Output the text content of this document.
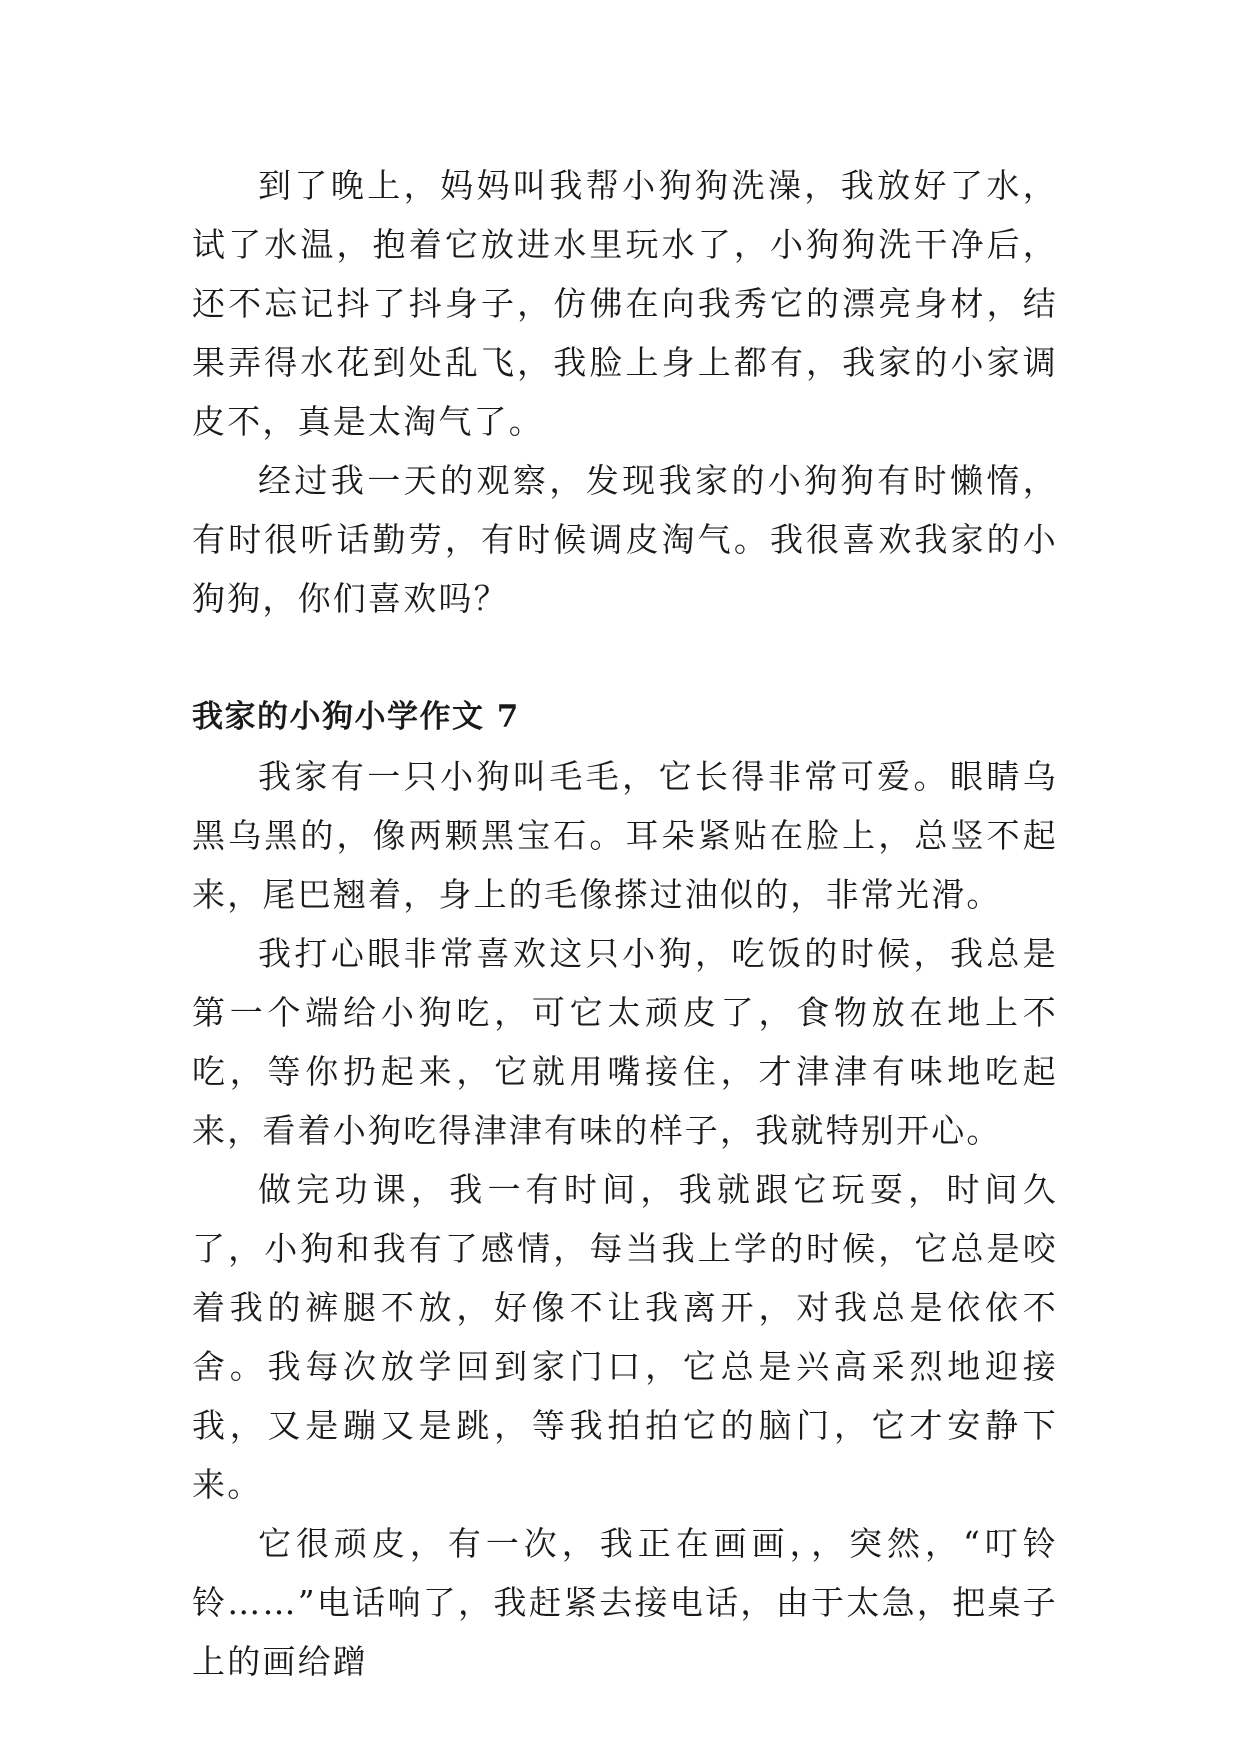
到了晚上，妈妈叫我帮小狗狗洗澡，我放好了水，试了水温，抱着它放进水里玩水了，小狗狗洗干净后，还不忘记抖了抖身子，仿佛在向我秀它的漂亮身材，结果弄得水花到处乱飞，我脸上身上都有，我家的小家调皮不，真是太淘气了。

经过我一天的观察，发现我家的小狗狗有时懒惰，有时很听话勤劳，有时候调皮淘气。我很喜欢我家的小狗狗，你们喜欢吗？

我家的小狗小学作文 7

我家有一只小狗叫毛毛，它长得非常可爱。眼睛乌黑乌黑的，像两颗黑宝石。耳朵紧贴在脸上，总竖不起来，尾巴翘着，身上的毛像搽过油似的，非常光滑。

我打心眼非常喜欢这只小狗，吃饭的时候，我总是第一个端给小狗吃，可它太顽皮了，食物放在地上不吃，等你扔起来，它就用嘴接住，才津津有味地吃起来，看着小狗吃得津津有味的样子，我就特别开心。

做完功课，我一有时间，我就跟它玩耍，时间久了，小狗和我有了感情，每当我上学的时候，它总是咬着我的裤腿不放，好像不让我离开，对我总是依依不舍。我每次放学回到家门口，它总是兴高采烈地迎接我，又是蹦又是跳，等我拍拍它的脑门，它才安静下来。

它很顽皮，有一次，我正在画画，，突然，“叮铃铃……”电话响了，我赶紧去接电话，由于太急，把桌子上的画给蹭
